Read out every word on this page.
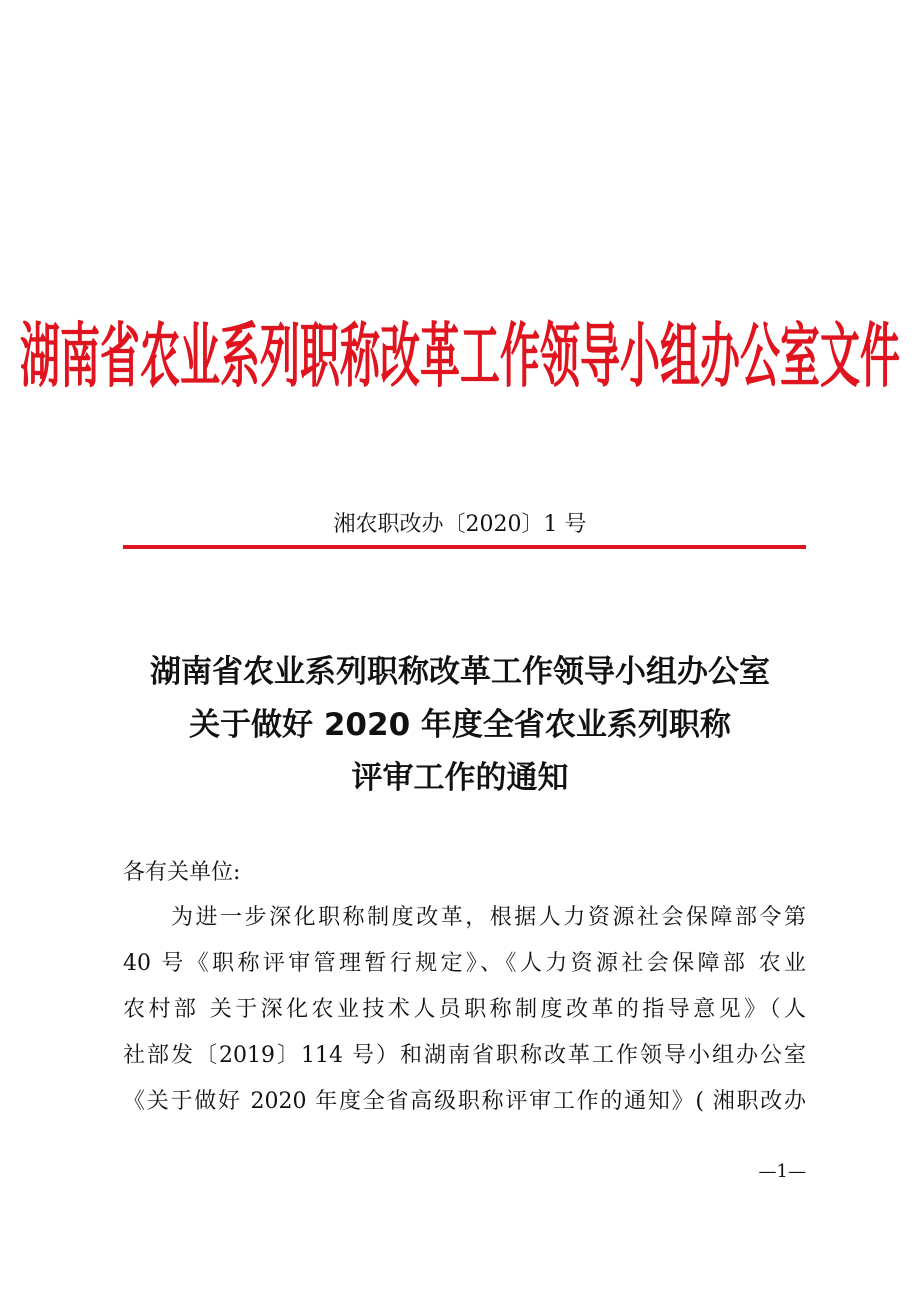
湖南省农业系列职称改革工作领导小组办公室文件
湘农职改办〔2020〕1 号
湖南省农业系列职称改革工作领导小组办公室
关于做好 2020 年度全省农业系列职称
评审工作的通知
各有关单位:
为进一步深化职称制度改革，根据人力资源社会保障部令第
40 号《职称评审管理暂行规定》、《人力资源社会保障部 农业
农村部 关于深化农业技术人员职称制度改革的指导意见》（人
社部发〔2019〕114 号）和湖南省职称改革工作领导小组办公室
《关于做好 2020 年度全省高级职称评审工作的通知》( 湘职改办
—1—
